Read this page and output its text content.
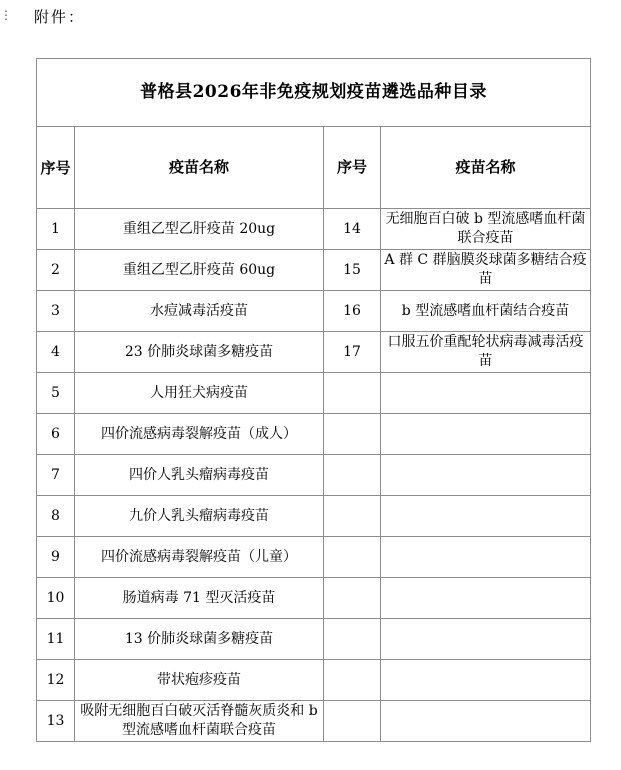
⋮ 附件：
普格县2026年非免疫规划疫苗遴选品种目录			
序号	疫苗名称	序号	疫苗名称
1	重组乙型乙肝疫苗 20ug	14	无细胞百白破 b 型流感嗜血杆菌联合疫苗
2	重组乙型乙肝疫苗 60ug	15	A 群 C 群脑膜炎球菌多糖结合疫苗
3	水痘减毒活疫苗	16	b 型流感嗜血杆菌结合疫苗
4	23 价肺炎球菌多糖疫苗	17	口服五价重配轮状病毒减毒活疫苗
5	人用狂犬病疫苗		
6	四价流感病毒裂解疫苗（成人）		
7	四价人乳头瘤病毒疫苗		
8	九价人乳头瘤病毒疫苗		
9	四价流感病毒裂解疫苗（儿童）		
10	肠道病毒 71 型灭活疫苗		
11	13 价肺炎球菌多糖疫苗		
12	带状疱疹疫苗		
13	吸附无细胞百白破灭活脊髓灰质炎和 b 型流感嗜血杆菌联合疫苗		
